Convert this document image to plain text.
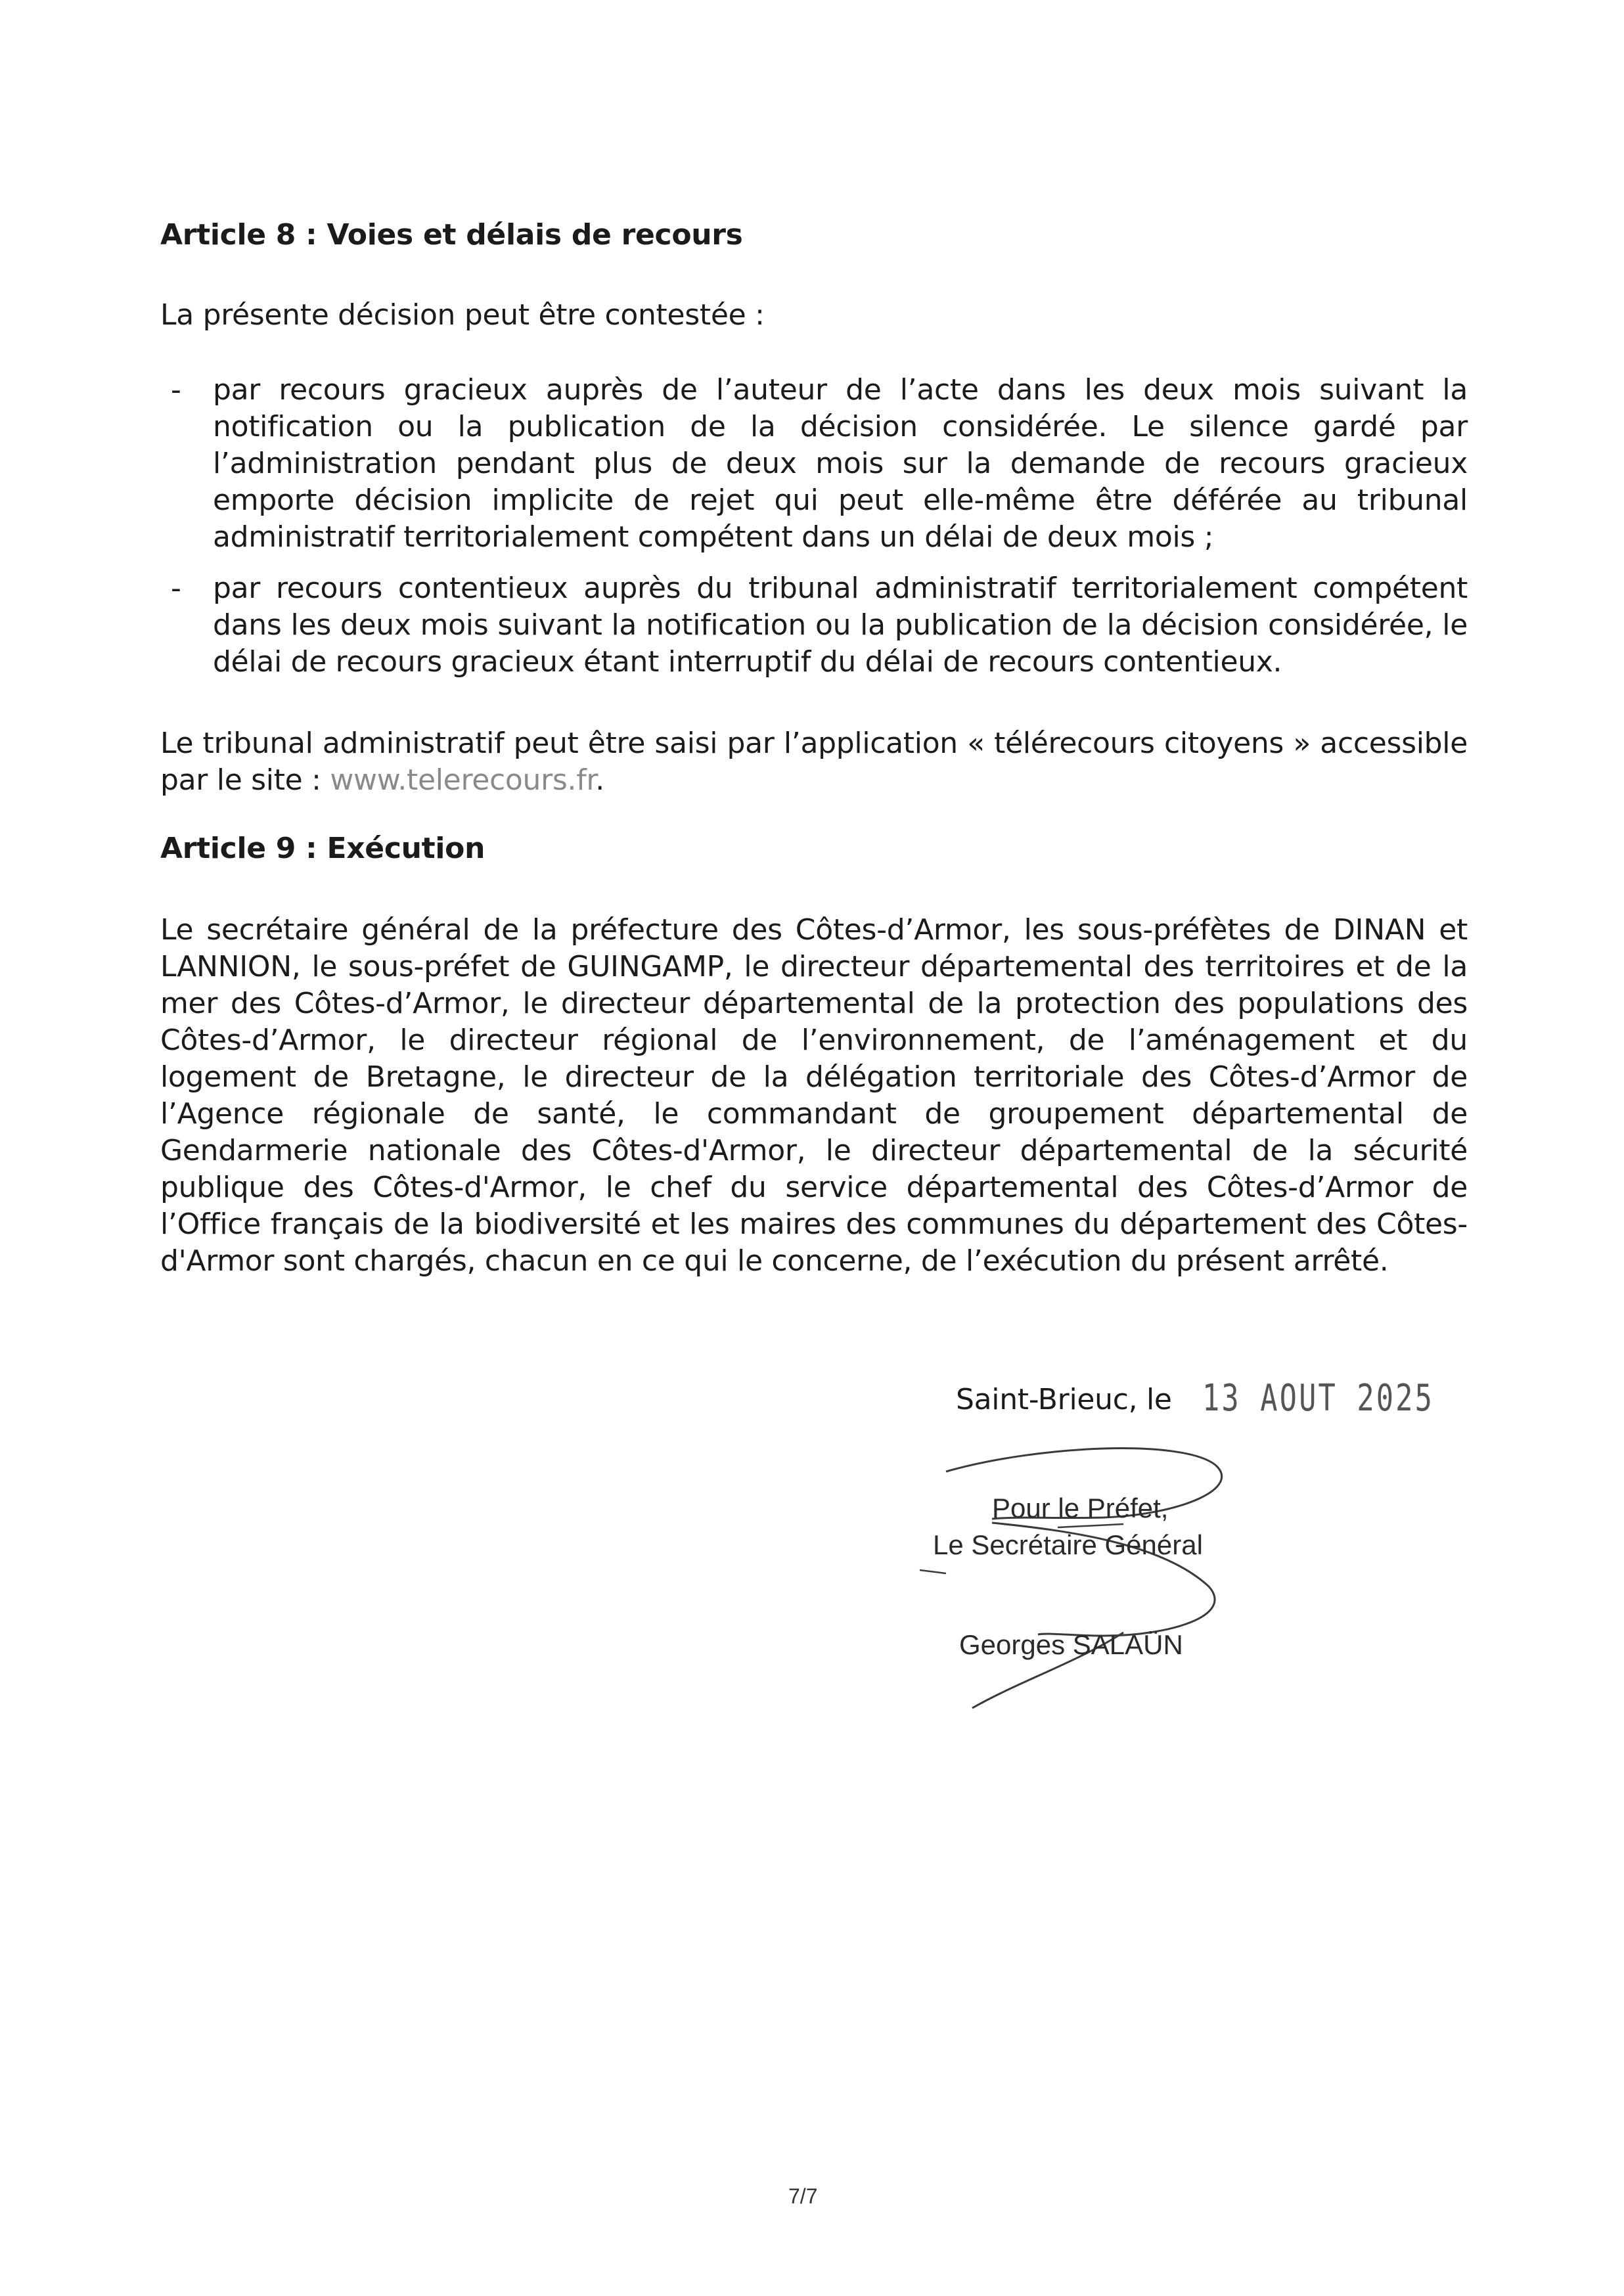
Article 8 : Voies et délais de recours

La présente décision peut être contestée :

- par recours gracieux auprès de l’auteur de l’acte dans les deux mois suivant la notification ou la publication de la décision considérée. Le silence gardé par l’administration pendant plus de deux mois sur la demande de recours gracieux emporte décision implicite de rejet qui peut elle-même être déférée au tribunal administratif territorialement compétent dans un délai de deux mois ;

- par recours contentieux auprès du tribunal administratif territorialement compétent dans les deux mois suivant la notification ou la publication de la décision considérée, le délai de recours gracieux étant interruptif du délai de recours contentieux.

Le tribunal administratif peut être saisi par l’application « télérecours citoyens » accessible par le site : www.telerecours.fr.

Article 9 : Exécution

Le secrétaire général de la préfecture des Côtes-d’Armor, les sous-préfètes de DINAN et LANNION, le sous-préfet de GUINGAMP, le directeur départemental des territoires et de la mer des Côtes-d’Armor, le directeur départemental de la protection des populations des Côtes-d’Armor, le directeur régional de l’environnement, de l’aménagement et du logement de Bretagne, le directeur de la délégation territoriale des Côtes-d’Armor de l’Agence régionale de santé, le commandant de groupement départemental de Gendarmerie nationale des Côtes-d'Armor, le directeur départemental de la sécurité publique des Côtes-d'Armor, le chef du service départemental des Côtes-d’Armor de l’Office français de la biodiversité et les maires des communes du département des Côtes-d'Armor sont chargés, chacun en ce qui le concerne, de l’exécution du présent arrêté.

Saint-Brieuc, le 13 AOUT 2025
Pour le Préfet,
Le Secrétaire Général
Georges SALAÜN
7/7
